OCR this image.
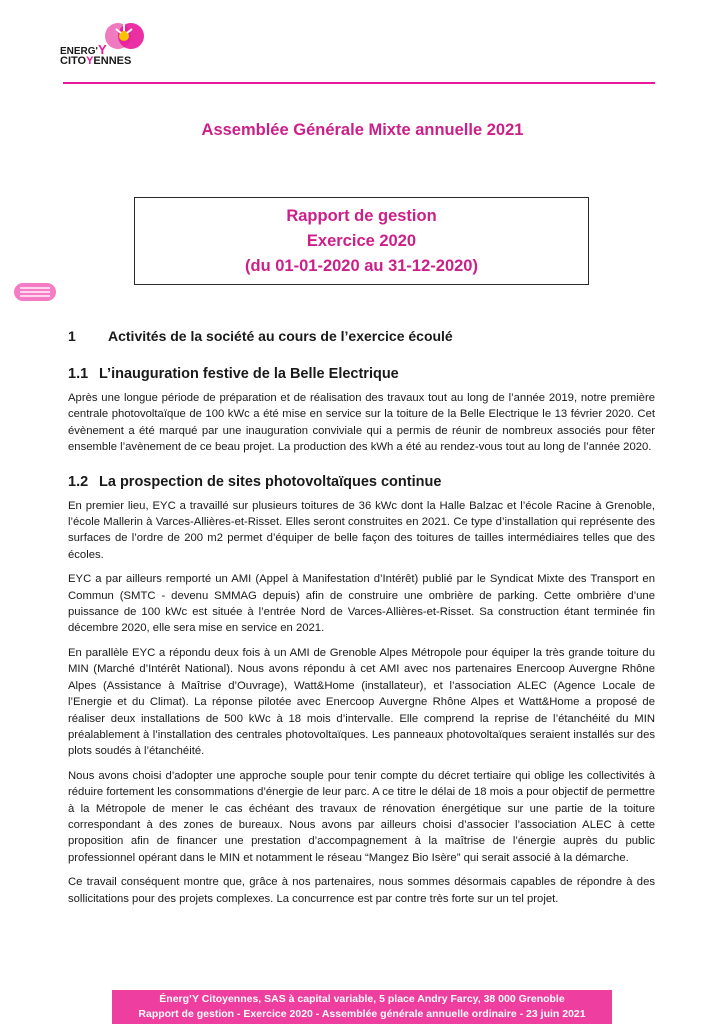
ENERG'Y
CITOYENNES
Assemblée Générale Mixte annuelle 2021
Rapport de gestion
Exercice 2020
(du 01-01-2020 au 31-12-2020)
1	Activités de la société au cours de l’exercice écoulé
1.1 L’inauguration festive de la Belle Electrique

Après une longue période de préparation et de réalisation des travaux tout au long de l’année 2019, notre première centrale photovoltaïque de 100 kWc a été mise en service sur la toiture de la Belle Electrique le 13 février 2020. Cet évènement a été marqué par une inauguration conviviale qui a permis de réunir de nombreux associés pour fêter ensemble l’avènement de ce beau projet. La production des kWh a été au rendez-vous tout au long de l’année 2020.

1.2 La prospection de sites photovoltaïques continue

En premier lieu, EYC a travaillé sur plusieurs toitures de 36 kWc dont la Halle Balzac et l’école Racine à Grenoble, l’école Mallerin à Varces-Allières-et-Risset. Elles seront construites en 2021. Ce type d’installation qui représente des surfaces de l’ordre de 200 m2 permet d’équiper de belle façon des toitures de tailles intermédiaires telles que des écoles.

EYC a par ailleurs remporté un AMI (Appel à Manifestation d’Intérêt) publié par le Syndicat Mixte des Transport en Commun (SMTC - devenu SMMAG depuis) afin de construire une ombrière de parking. Cette ombrière d’une puissance de 100 kWc est située à l’entrée Nord de Varces-Allières-et-Risset. Sa construction étant terminée fin décembre 2020, elle sera mise en service en 2021.

En parallèle EYC a répondu deux fois à un AMI de Grenoble Alpes Métropole pour équiper la très grande toiture du MIN (Marché d’Intérêt National). Nous avons répondu à cet AMI avec nos partenaires Enercoop Auvergne Rhône Alpes (Assistance à Maîtrise d’Ouvrage), Watt&Home (installateur), et l’association ALEC (Agence Locale de l’Energie et du Climat). La réponse pilotée avec Enercoop Auvergne Rhône Alpes et Watt&Home a proposé de réaliser deux installations de 500 kWc à 18 mois d’intervalle. Elle comprend la reprise de l’étanchéité du MIN préalablement à l’installation des centrales photovoltaïques. Les panneaux photovoltaïques seraient installés sur des plots soudés à l’étanchéité.

Nous avons choisi d’adopter une approche souple pour tenir compte du décret tertiaire qui oblige les collectivités à réduire fortement les consommations d’énergie de leur parc. A ce titre le délai de 18 mois a pour objectif de permettre à la Métropole de mener le cas échéant des travaux de rénovation énergétique sur une partie de la toiture correspondant à des zones de bureaux. Nous avons par ailleurs choisi d’associer l’association ALEC à cette proposition afin de financer une prestation d’accompagnement à la maîtrise de l’énergie auprès du public professionnel opérant dans le MIN et notamment le réseau “Mangez Bio Isère” qui serait associé à la démarche.

Ce travail conséquent montre que, grâce à nos partenaires, nous sommes désormais capables de répondre à des sollicitations pour des projets complexes. La concurrence est par contre très forte sur un tel projet.

Énerg’Y Citoyennes, SAS à capital variable, 5 place Andry Farcy, 38 000 Grenoble
Rapport de gestion - Exercice 2020 - Assemblée générale annuelle ordinaire - 23 juin 2021
